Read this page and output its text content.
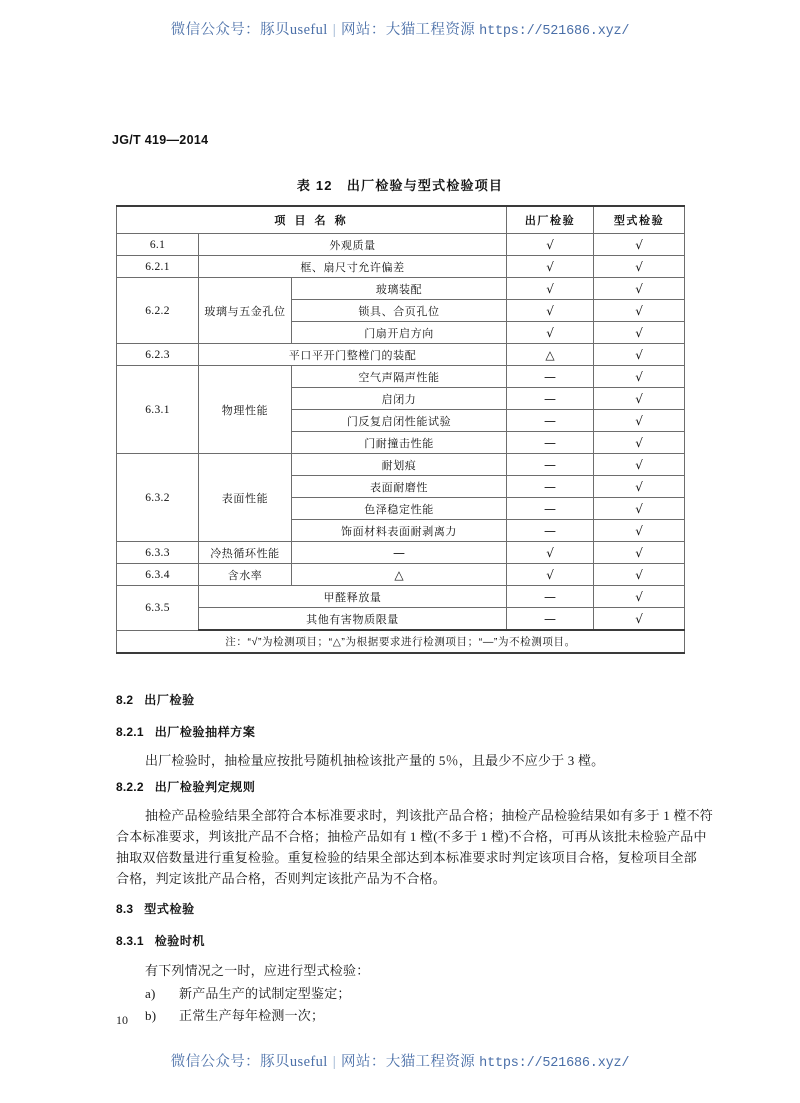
微信公众号：豚贝useful | 网站：大猫工程资源 https://521686.xyz/
JG/T 419—2014
表 12　出厂检验与型式检验项目
项 目 名 称			出厂检验	型式检验
6.1	外观质量		√	√
6.2.1	框、扇尺寸允许偏差		√	√
6.2.2	玻璃与五金孔位	玻璃装配	√	√
		锁具、合页孔位	√	√
		门扇开启方向	√	√
6.2.3	平口平开门整樘门的装配		△	√
6.3.1	物理性能	空气声隔声性能	—	√
		启闭力	—	√
		门反复启闭性能试验	—	√
		门耐撞击性能	—	√
6.3.2	表面性能	耐划痕	—	√
		表面耐磨性	—	√
		色泽稳定性能	—	√
		饰面材料表面耐剥离力	—	√
6.3.3	冷热循环性能	—	√	√
6.3.4	含水率	△	√	√
6.3.5	甲醛释放量		—	√
	其他有害物质限量		—	√
注：“√”为检测项目；“△”为根据要求进行检测项目；“—”为不检测项目。				
8.2 出厂检验
8.2.1 出厂检验抽样方案
出厂检验时，抽检量应按批号随机抽检该批产量的 5％，且最少不应少于 3 樘。
8.2.2 出厂检验判定规则
抽检产品检验结果全部符合本标准要求时，判该批产品合格；抽检产品检验结果如有多于 1 樘不符
合本标准要求，判该批产品不合格；抽检产品如有 1 樘(不多于 1 樘)不合格，可再从该批未检验产品中
抽取双倍数量进行重复检验。重复检验的结果全部达到本标准要求时判定该项目合格，复检项目全部
合格，判定该批产品合格，否则判定该批产品为不合格。
8.3 型式检验
8.3.1 检验时机
有下列情况之一时，应进行型式检验：
a) 新产品生产的试制定型鉴定；
b) 正常生产每年检测一次；
10
微信公众号：豚贝useful | 网站：大猫工程资源 https://521686.xyz/
